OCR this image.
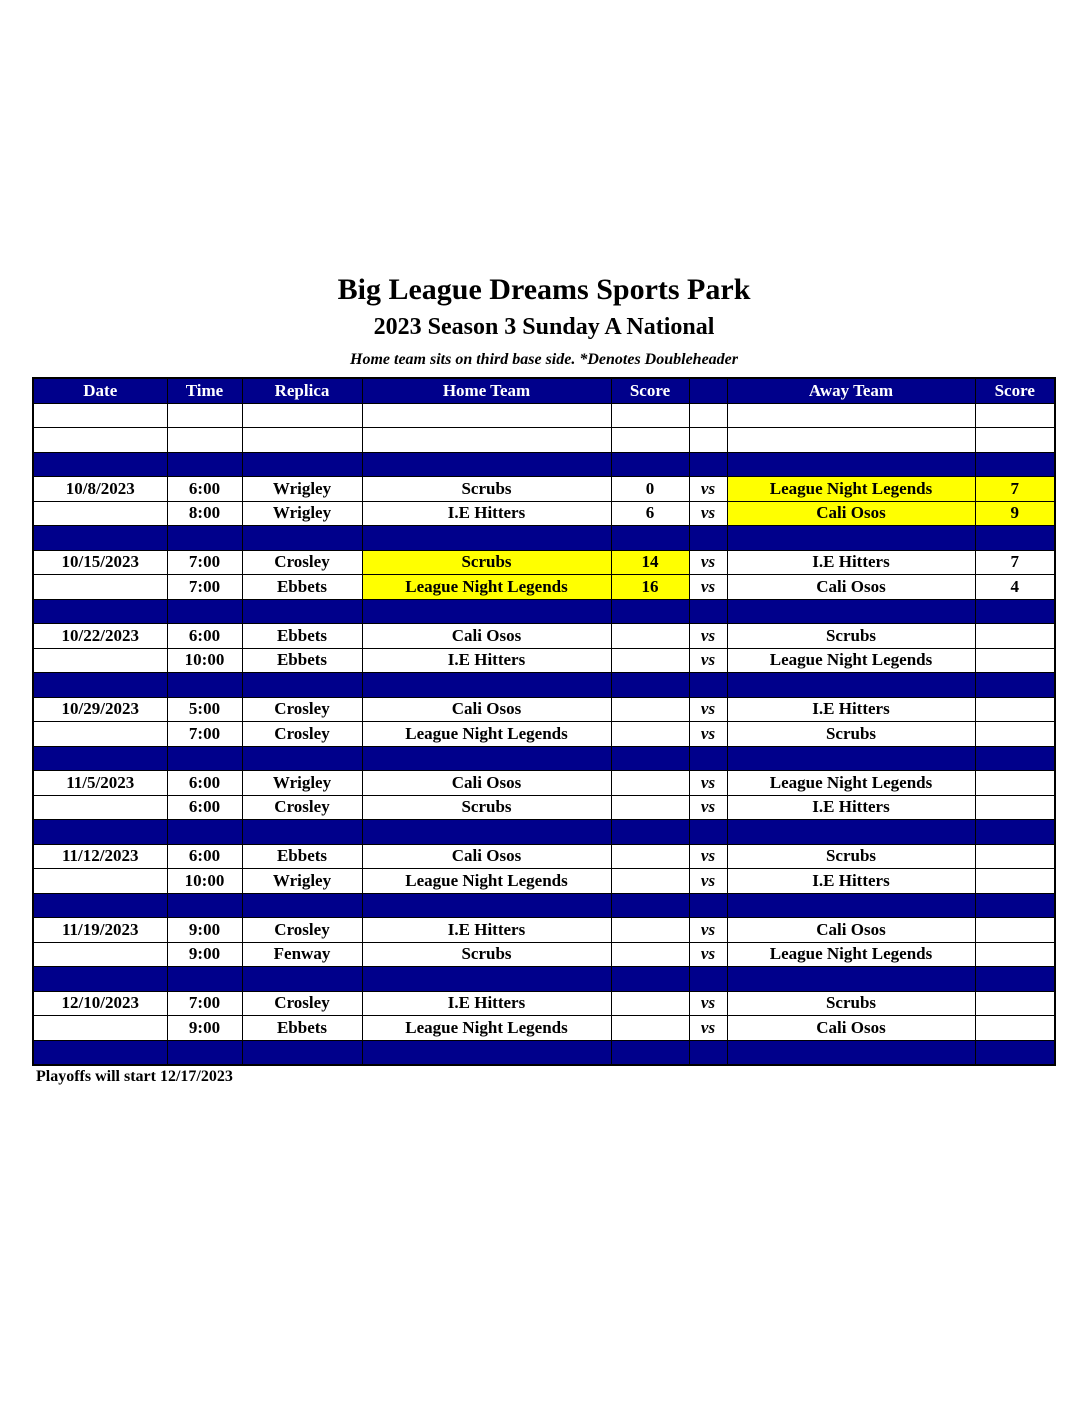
Big League Dreams Sports Park
2023 Season 3 Sunday A National
Home team sits on third base side. *Denotes Doubleheader
Date	Time	Replica	Home Team	Score		Away Team	Score

10/8/2023	6:00	Wrigley	Scrubs	0	vs	League Night Legends	7
	8:00	Wrigley	I.E Hitters	6	vs	Cali Osos	9

10/15/2023	7:00	Crosley	Scrubs	14	vs	I.E Hitters	7
	7:00	Ebbets	League Night Legends	16	vs	Cali Osos	4

10/22/2023	6:00	Ebbets	Cali Osos		vs	Scrubs	
	10:00	Ebbets	I.E Hitters		vs	League Night Legends	

10/29/2023	5:00	Crosley	Cali Osos		vs	I.E Hitters	
	7:00	Crosley	League Night Legends		vs	Scrubs	

11/5/2023	6:00	Wrigley	Cali Osos		vs	League Night Legends	
	6:00	Crosley	Scrubs		vs	I.E Hitters	

11/12/2023	6:00	Ebbets	Cali Osos		vs	Scrubs	
	10:00	Wrigley	League Night Legends		vs	I.E Hitters	

11/19/2023	9:00	Crosley	I.E Hitters		vs	Cali Osos	
	9:00	Fenway	Scrubs		vs	League Night Legends	

12/10/2023	7:00	Crosley	I.E Hitters		vs	Scrubs	
	9:00	Ebbets	League Night Legends		vs	Cali Osos	

Playoffs will start 12/17/2023
